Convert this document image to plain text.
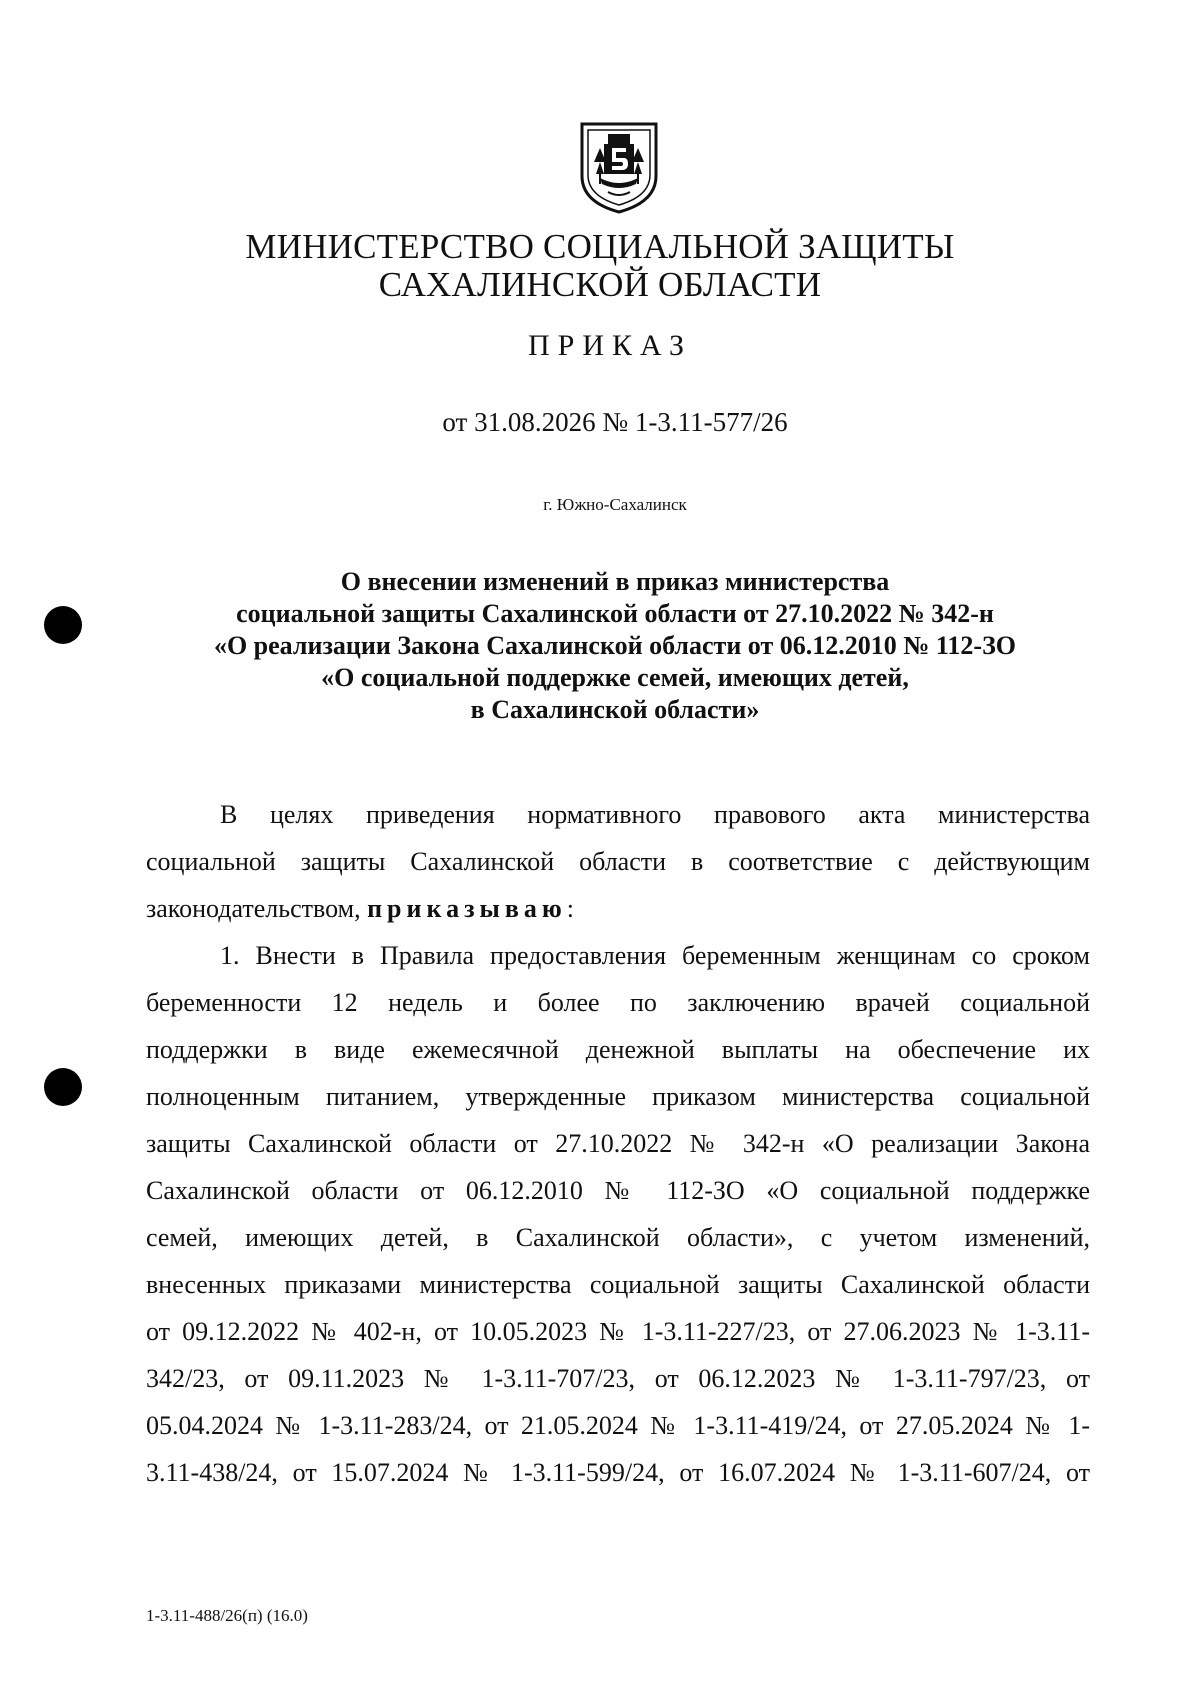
МИНИСТЕРСТВО СОЦИАЛЬНОЙ ЗАЩИТЫ
САХАЛИНСКОЙ ОБЛАСТИ
ПРИКАЗ
от 31.08.2026 № 1-3.11-577/26
г. Южно-Сахалинск
О внесении изменений в приказ министерства
социальной защиты Сахалинской области от 27.10.2022 № 342-н
«О реализации Закона Сахалинской области от 06.12.2010 № 112-ЗО
«О социальной поддержке семей, имеющих детей,
в Сахалинской области»
В целях приведения нормативного правового акта министерства
социальной защиты Сахалинской области в соответствие с действующим
законодательством, приказываю:
1. Внести в Правила предоставления беременным женщинам со сроком
беременности 12 недель и более по заключению врачей социальной
поддержки в виде ежемесячной денежной выплаты на обеспечение их
полноценным питанием, утвержденные приказом министерства социальной
защиты Сахалинской области от 27.10.2022 № 342-н «О реализации Закона
Сахалинской области от 06.12.2010 № 112-ЗО «О социальной поддержке
семей, имеющих детей, в Сахалинской области», с учетом изменений,
внесенных приказами министерства социальной защиты Сахалинской области
от 09.12.2022 № 402-н, от 10.05.2023 № 1-3.11-227/23, от 27.06.2023 № 1-3.11-
342/23, от 09.11.2023 № 1-3.11-707/23, от 06.12.2023 № 1-3.11-797/23, от
05.04.2024 № 1-3.11-283/24, от 21.05.2024 № 1-3.11-419/24, от 27.05.2024 № 1-
3.11-438/24, от 15.07.2024 № 1-3.11-599/24, от 16.07.2024 № 1-3.11-607/24, от
1-3.11-488/26(п) (16.0)
